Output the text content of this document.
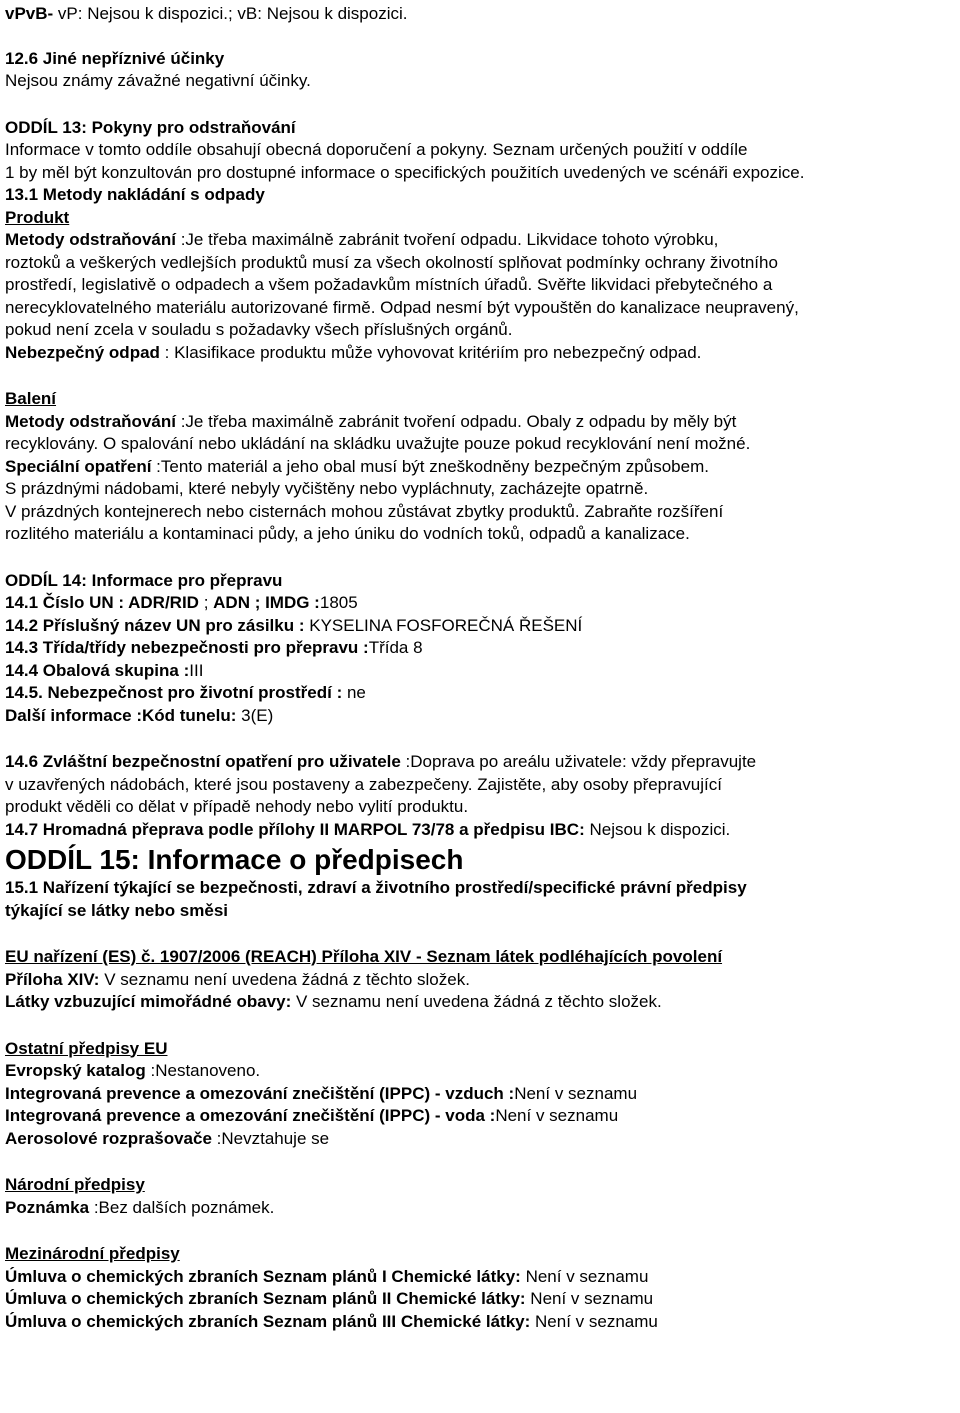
vPvB- vP: Nejsou k dispozici.; vB: Nejsou k dispozici.
12.6 Jiné nepříznivé účinky
Nejsou známy závažné negativní účinky.
ODDÍL 13: Pokyny pro odstraňování
Informace v tomto oddíle obsahují obecná doporučení a pokyny. Seznam určených použití v oddíle
1 by měl být konzultován pro dostupné informace o specifických použitích uvedených ve scénáři expozice.
13.1 Metody nakládání s odpady
Produkt
Metody odstraňování :Je třeba maximálně zabránit tvoření odpadu. Likvidace tohoto výrobku,
roztoků a veškerých vedlejších produktů musí za všech okolností splňovat podmínky ochrany životního
prostředí, legislativě o odpadech a všem požadavkům místních úřadů. Svěřte likvidaci přebytečného a
nerecyklovatelného materiálu autorizované firmě. Odpad nesmí být vypouštěn do kanalizace neupravený,
pokud není zcela v souladu s požadavky všech příslušných orgánů.
Nebezpečný odpad : Klasifikace produktu může vyhovovat kritériím pro nebezpečný odpad.
Balení
Metody odstraňování :Je třeba maximálně zabránit tvoření odpadu. Obaly z odpadu by měly být
recyklovány. O spalování nebo ukládání na skládku uvažujte pouze pokud recyklování není možné.
Speciální opatření :Tento materiál a jeho obal musí být zneškodněny bezpečným způsobem.
S prázdnými nádobami, které nebyly vyčištěny nebo vypláchnuty, zacházejte opatrně.
V prázdných kontejnerech nebo cisternách mohou zůstávat zbytky produktů. Zabraňte rozšíření
rozlitého materiálu a kontaminaci půdy, a jeho úniku do vodních toků, odpadů a kanalizace.
ODDÍL 14: Informace pro přepravu
14.1 Číslo UN : ADR/RID ; ADN ; IMDG :1805
14.2 Příslušný název UN pro zásilku : KYSELINA FOSFOREČNÁ ŘEŠENÍ
14.3 Třída/třídy nebezpečnosti pro přepravu :Třída 8
14.4 Obalová skupina :III
14.5. Nebezpečnost pro životní prostředí : ne
Další informace :Kód tunelu: 3(E)
14.6 Zvláštní bezpečnostní opatření pro uživatele :Doprava po areálu uživatele: vždy přepravujte
v uzavřených nádobách, které jsou postaveny a zabezpečeny. Zajistěte, aby osoby přepravující
produkt věděli co dělat v případě nehody nebo vylití produktu.
14.7 Hromadná přeprava podle přílohy II MARPOL 73/78 a předpisu IBC: Nejsou k dispozici.
ODDÍL 15: Informace o předpisech
15.1 Nařízení týkající se bezpečnosti, zdraví a životního prostředí/specifické právní předpisy
týkající se látky nebo směsi
EU nařízení (ES) č. 1907/2006 (REACH) Příloha XIV - Seznam látek podléhajících povolení
Příloha XIV: V seznamu není uvedena žádná z těchto složek.
Látky vzbuzující mimořádné obavy: V seznamu není uvedena žádná z těchto složek.
Ostatní předpisy EU
Evropský katalog :Nestanoveno.
Integrovaná prevence a omezování znečištění (IPPC) - vzduch :Není v seznamu
Integrovaná prevence a omezování znečištění (IPPC) - voda :Není v seznamu
Aerosolové rozprašovače :Nevztahuje se
Národní předpisy
Poznámka :Bez dalších poznámek.
Mezinárodní předpisy
Úmluva o chemických zbraních Seznam plánů I Chemické látky: Není v seznamu
Úmluva o chemických zbraních Seznam plánů II Chemické látky: Není v seznamu
Úmluva o chemických zbraních Seznam plánů III Chemické látky: Není v seznamu
